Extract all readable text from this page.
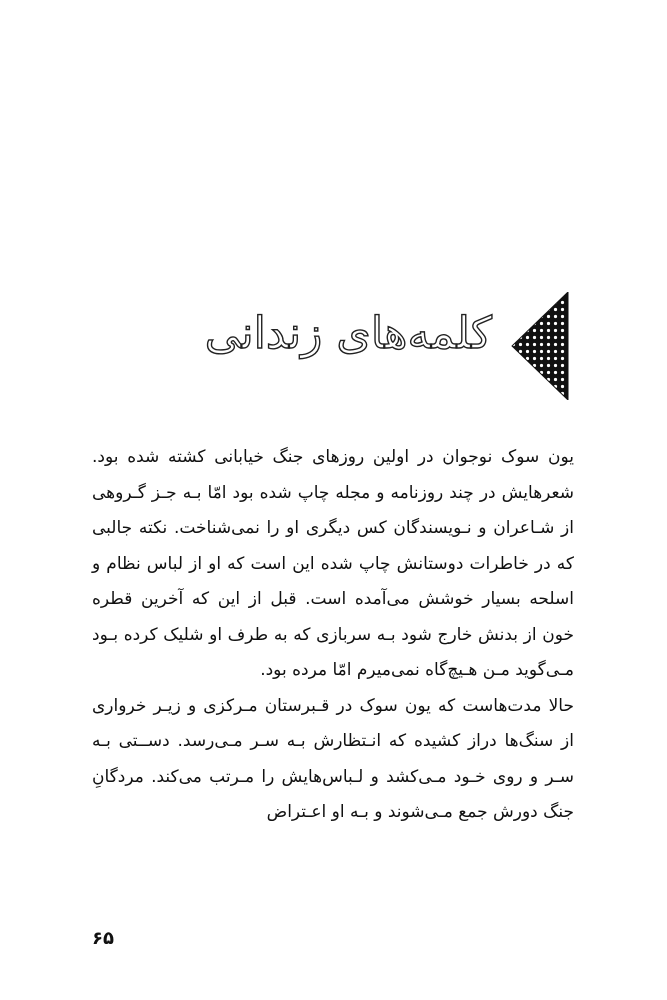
کلمه‌های زندانی

یون سوک نوجوان در اولین روزهای جنگ خیابانی کشته شده بود. شعرهایش در چند روزنامه و مجله چاپ شده بود امّا بـه جـز گـروهی از شـاعران و نـویسندگان کس دیگری او را نمی‌شناخت. نکته جالبی که در خاطرات دوستانش چاپ شده این است که او از لباس نظام و اسلحه بسیار خوشش می‌آمده است. قبل از این که آخرین قطره خون از بدنش خارج شود بـه سربازی که به طرف او شلیک کرده بـود مـی‌گوید مـن هـیچ‌گاه نمی‌میرم امّا مرده بود.

حالا مدت‌هاست که یون سوک در قـبرستان مـرکزی و زیـر خرواری از سنگ‌ها دراز کشیده که انـتظارش بـه سـر مـی‌رسد. دســتی بـه سـر و روی خـود مـی‌کشد و لـباس‌هایش را مـرتب می‌کند. مردگانِ جنگ دورش جمع مـی‌شوند و بـه او اعـتراض

۶۵
